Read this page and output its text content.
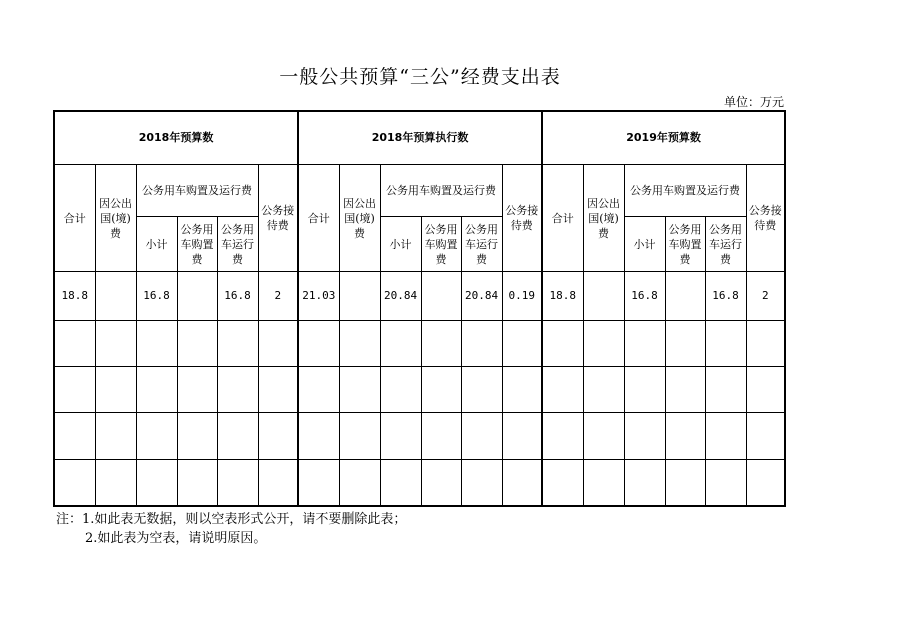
一般公共预算“三公”经费支出表
单位：万元
2018年预算数						2018年预算执行数						2019年预算数					
合计	因公出国(境)费	公务用车购置及运行费			公务接待费	合计	因公出国(境)费	公务用车购置及运行费			公务接待费	合计	因公出国(境)费	公务用车购置及运行费			公务接待费
		小计	公务用车购置费	公务用车运行费				小计	公务用车购置费	公务用车运行费				小计	公务用车购置费	公务用车运行费	
18.8		16.8		16.8	2	21.03		20.84		20.84	0.19	18.8		16.8		16.8	2

注：1.如此表无数据，则以空表形式公开，请不要删除此表；
2.如此表为空表，请说明原因。
